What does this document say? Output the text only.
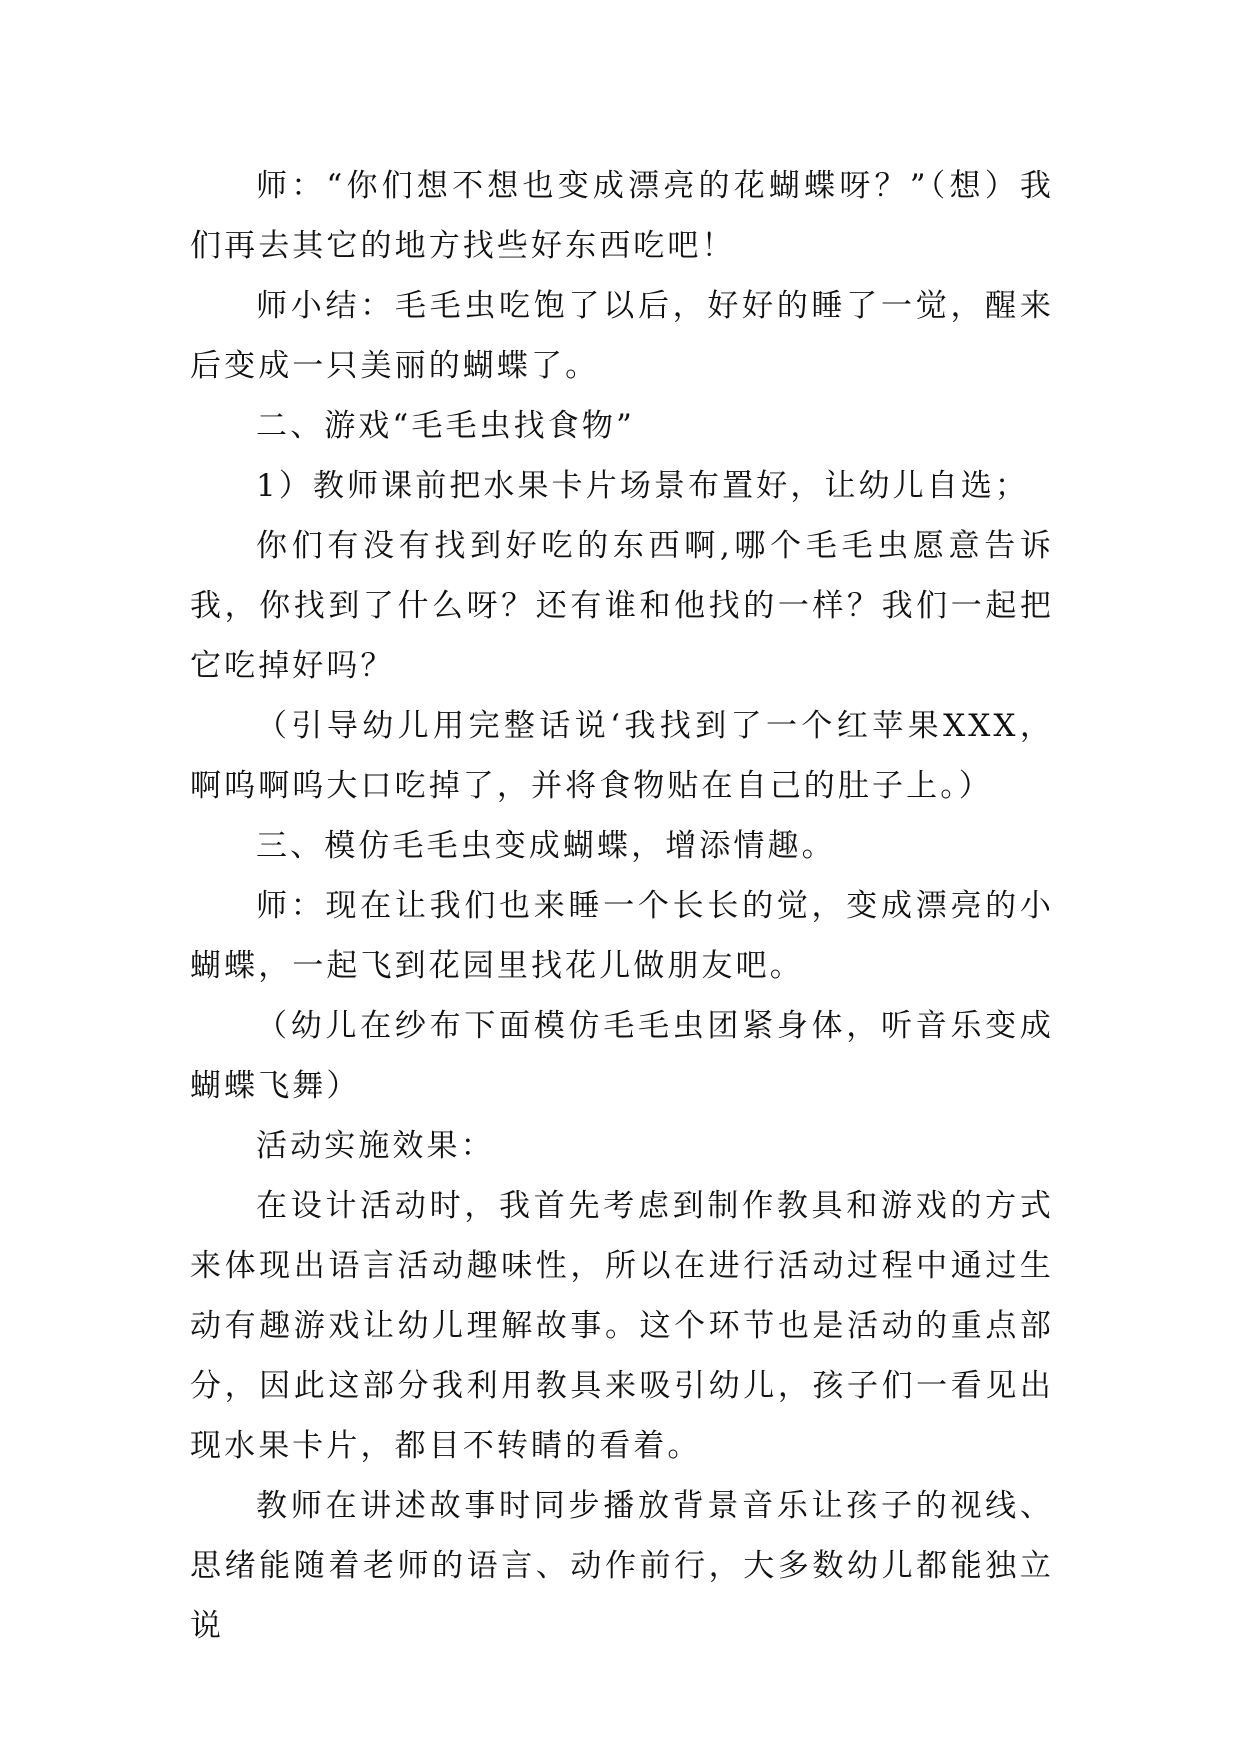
师：“你们想不想也变成漂亮的花蝴蝶呀？”（想）我们再去其它的地方找些好东西吃吧！

师小结：毛毛虫吃饱了以后，好好的睡了一觉，醒来后变成一只美丽的蝴蝶了。

二、游戏“毛毛虫找食物”

1）教师课前把水果卡片场景布置好，让幼儿自选；

你们有没有找到好吃的东西啊,哪个毛毛虫愿意告诉我，你找到了什么呀？还有谁和他找的一样？我们一起把它吃掉好吗？

（引导幼儿用完整话说‘我找到了一个红苹果XXX，啊呜啊呜大口吃掉了，并将食物贴在自己的肚子上。）

三、模仿毛毛虫变成蝴蝶，增添情趣。

师：现在让我们也来睡一个长长的觉，变成漂亮的小蝴蝶，一起飞到花园里找花儿做朋友吧。

（幼儿在纱布下面模仿毛毛虫团紧身体，听音乐变成蝴蝶飞舞）

活动实施效果：

在设计活动时，我首先考虑到制作教具和游戏的方式来体现出语言活动趣味性，所以在进行活动过程中通过生动有趣游戏让幼儿理解故事。这个环节也是活动的重点部分，因此这部分我利用教具来吸引幼儿，孩子们一看见出现水果卡片，都目不转睛的看着。

教师在讲述故事时同步播放背景音乐让孩子的视线、思绪能随着老师的语言、动作前行，大多数幼儿都能独立说
